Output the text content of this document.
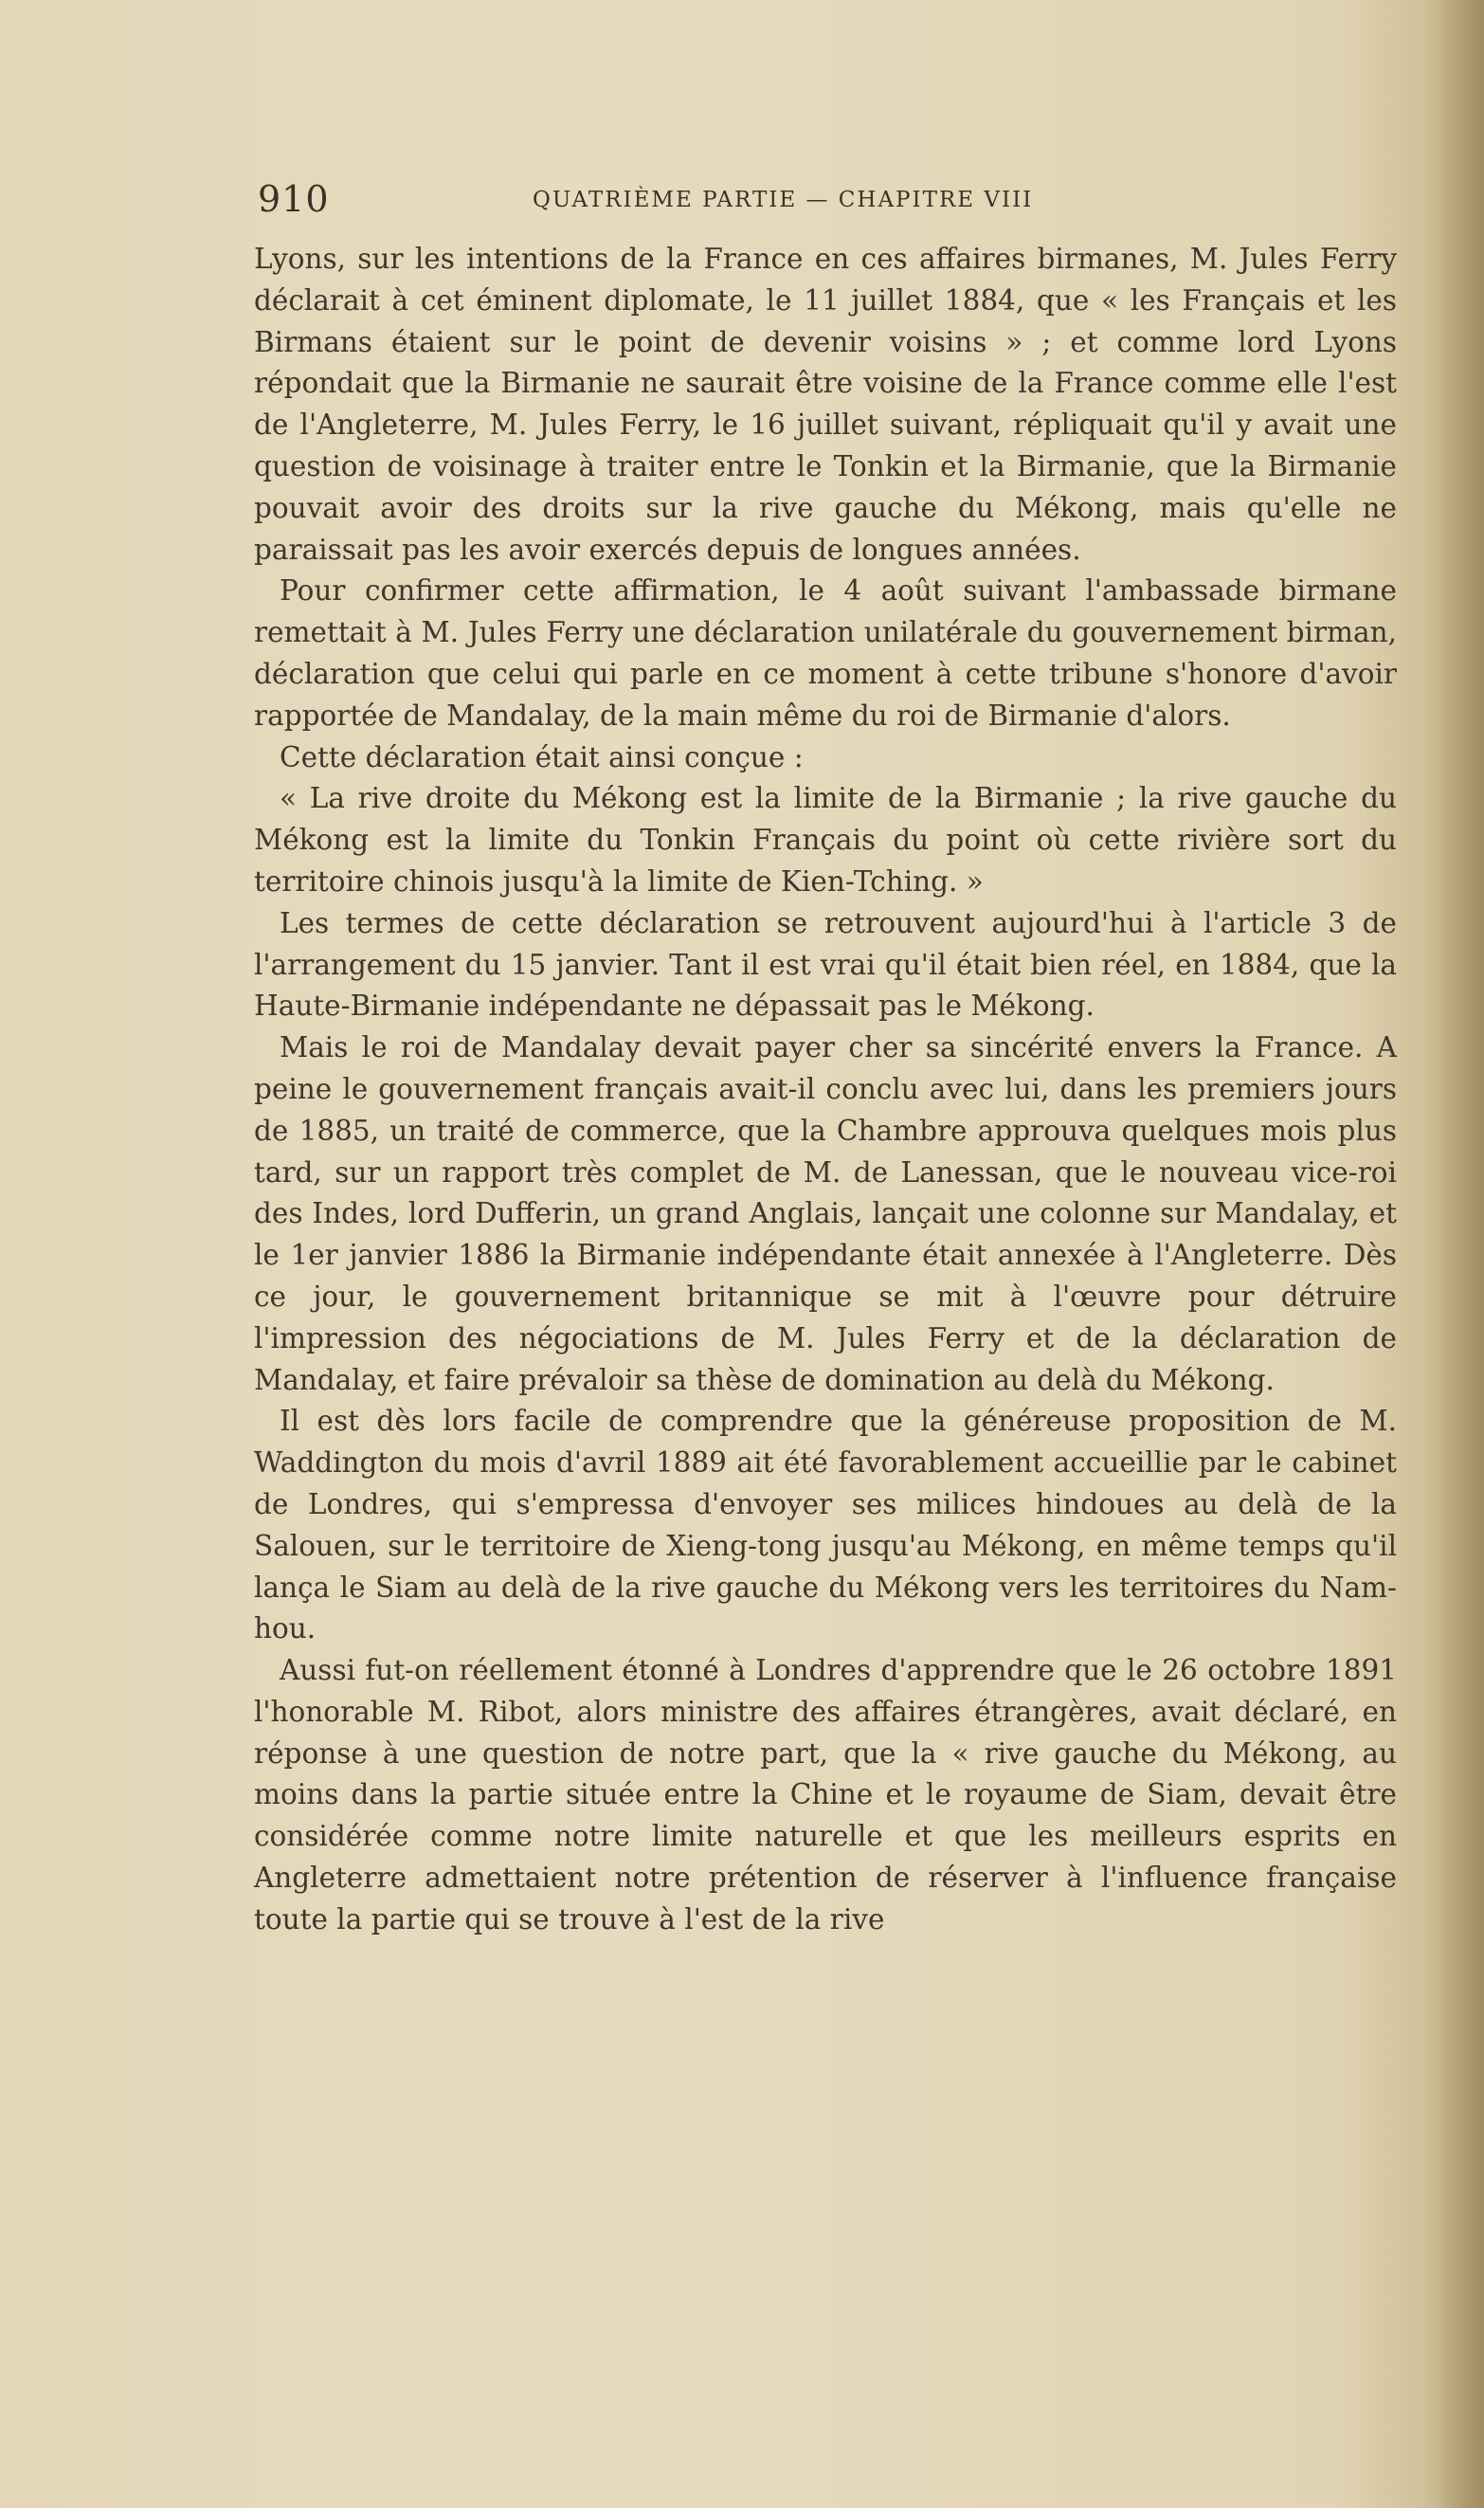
910	QUATRIÈME PARTIE — CHAPITRE VIII

Lyons, sur les intentions de la France en ces affaires birmanes, M. Jules Ferry déclarait à cet éminent diplomate, le 11 juillet 1884, que « les Français et les Birmans étaient sur le point de devenir voisins » ; et comme lord Lyons répondait que la Birmanie ne saurait être voisine de la France comme elle l'est de l'Angleterre, M. Jules Ferry, le 16 juillet suivant, répliquait qu'il y avait une question de voisinage à traiter entre le Tonkin et la Birmanie, que la Birmanie pouvait avoir des droits sur la rive gauche du Mékong, mais qu'elle ne paraissait pas les avoir exercés depuis de longues années.

Pour confirmer cette affirmation, le 4 août suivant l'ambassade birmane remettait à M. Jules Ferry une déclaration unilatérale du gouvernement birman, déclaration que celui qui parle en ce moment à cette tribune s'honore d'avoir rapportée de Mandalay, de la main même du roi de Birmanie d'alors.

Cette déclaration était ainsi conçue :

« La rive droite du Mékong est la limite de la Birmanie ; la rive gauche du Mékong est la limite du Tonkin Français du point où cette rivière sort du territoire chinois jusqu'à la limite de Kien-Tching. »

Les termes de cette déclaration se retrouvent aujourd'hui à l'article 3 de l'arrangement du 15 janvier. Tant il est vrai qu'il était bien réel, en 1884, que la Haute-Birmanie indépendante ne dépassait pas le Mékong.

Mais le roi de Mandalay devait payer cher sa sincérité envers la France. A peine le gouvernement français avait-il conclu avec lui, dans les premiers jours de 1885, un traité de commerce, que la Chambre approuva quelques mois plus tard, sur un rapport très complet de M. de Lanessan, que le nouveau vice-roi des Indes, lord Dufferin, un grand Anglais, lançait une colonne sur Mandalay, et le 1er janvier 1886 la Birmanie indépendante était annexée à l'Angleterre. Dès ce jour, le gouvernement britannique se mit à l'œuvre pour détruire l'impression des négociations de M. Jules Ferry et de la déclaration de Mandalay, et faire prévaloir sa thèse de domination au delà du Mékong.

Il est dès lors facile de comprendre que la généreuse proposition de M. Waddington du mois d'avril 1889 ait été favorablement accueillie par le cabinet de Londres, qui s'empressa d'envoyer ses milices hindoues au delà de la Salouen, sur le territoire de Xieng-tong jusqu'au Mékong, en même temps qu'il lança le Siam au delà de la rive gauche du Mékong vers les territoires du Nam-hou.

Aussi fut-on réellement étonné à Londres d'apprendre que le 26 octobre 1891 l'honorable M. Ribot, alors ministre des affaires étrangères, avait déclaré, en réponse à une question de notre part, que la « rive gauche du Mékong, au moins dans la partie située entre la Chine et le royaume de Siam, devait être considérée comme notre limite naturelle et que les meilleurs esprits en Angleterre admettaient notre prétention de réserver à l'influence française toute la partie qui se trouve à l'est de la rive
